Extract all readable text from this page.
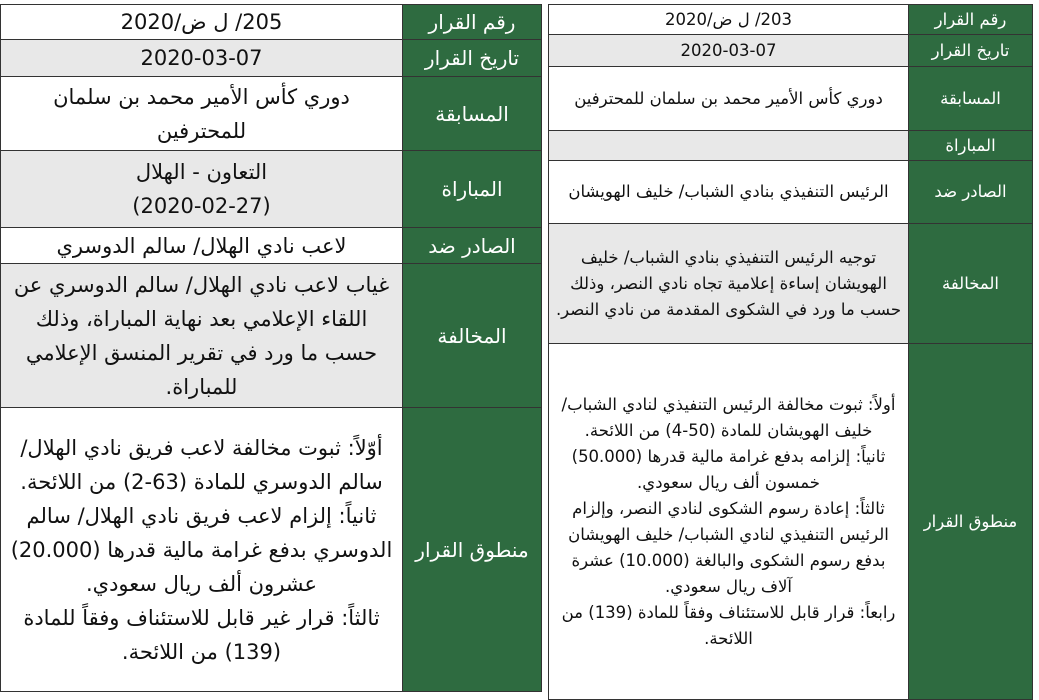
رقم القرار	205/ ل ض/2020
تاريخ القرار	2020-03-07
المسابقة	دوري كأس الأمير محمد بن سلمان للمحترفين
المباراة	التعاون - الهلال
(2020-02-27)

الصادر ضد	لاعب نادي الهلال/ سالم الدوسري
المخالفة	غياب لاعب نادي الهلال/ سالم الدوسري عن اللقاء الإعلامي بعد نهاية المباراة، وذلك حسب ما ورد في تقرير المنسق الإعلامي للمباراة.
منطوق القرار	أوّلاً: ثبوت مخالفة لاعب فريق نادي الهلال/ سالم الدوسري للمادة (63-2) من اللائحة.
ثانياً: إلزام لاعب فريق نادي الهلال/ سالم الدوسري بدفع غرامة مالية قدرها (20.000) عشرون ألف ريال سعودي.
ثالثاً: قرار غير قابل للاستئناف وفقاً للمادة (139) من اللائحة.
رقم القرار	203/ ل ض/2020
تاريخ القرار	2020-03-07
المسابقة	دوري كأس الأمير محمد بن سلمان للمحترفين
المباراة	
الصادر ضد	الرئيس التنفيذي بنادي الشباب/ خليف الهويشان
المخالفة	توجيه الرئيس التنفيذي بنادي الشباب/ خليف الهويشان إساءة إعلامية تجاه نادي النصر، وذلك حسب ما ورد في الشكوى المقدمة من نادي النصر.
منطوق القرار	أولاً: ثبوت مخالفة الرئيس التنفيذي لنادي الشباب/ خليف الهويشان للمادة (50-4) من اللائحة.
ثانياً: إلزامه بدفع غرامة مالية قدرها (50.000) خمسون ألف ريال سعودي.
ثالثاً: إعادة رسوم الشكوى لنادي النصر، وإلزام الرئيس التنفيذي لنادي الشباب/ خليف الهويشان بدفع رسوم الشكوى والبالغة (10.000) عشرة آلاف ريال سعودي.
رابعاً: قرار قابل للاستئناف وفقاً للمادة (139) من اللائحة.
